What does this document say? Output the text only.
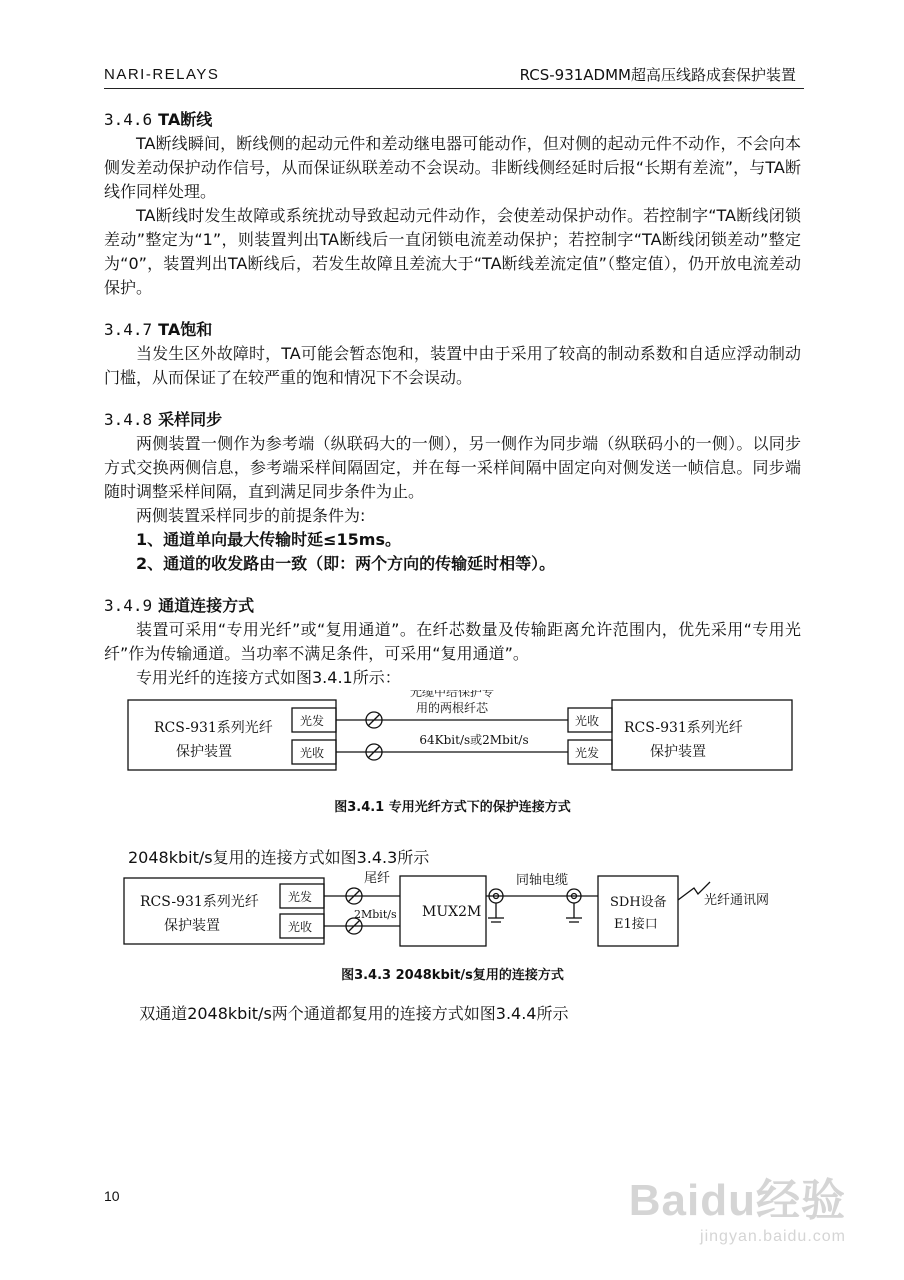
NARI-RELAYS	RCS-931ADMM超高压线路成套保护装置

3.4.6 TA断线

TA断线瞬间，断线侧的起动元件和差动继电器可能动作，但对侧的起动元件不动作，不会向本侧发差动保护动作信号，从而保证纵联差动不会误动。非断线侧经延时后报“长期有差流”，与TA断线作同样处理。

TA断线时发生故障或系统扰动导致起动元件动作，会使差动保护动作。若控制字“TA断线闭锁差动”整定为“1”，则装置判出TA断线后一直闭锁电流差动保护；若控制字“TA断线闭锁差动”整定为“0”，装置判出TA断线后，若发生故障且差流大于“TA断线差流定值”（整定值），仍开放电流差动保护。

3.4.7 TA饱和

当发生区外故障时，TA可能会暂态饱和，装置中由于采用了较高的制动系数和自适应浮动制动门槛，从而保证了在较严重的饱和情况下不会误动。

3.4.8 采样同步

两侧装置一侧作为参考端（纵联码大的一侧），另一侧作为同步端（纵联码小的一侧）。以同步方式交换两侧信息，参考端采样间隔固定，并在每一采样间隔中固定向对侧发送一帧信息。同步端随时调整采样间隔，直到满足同步条件为止。

两侧装置采样同步的前提条件为:

1、通道单向最大传输时延≤15ms。

2、通道的收发路由一致（即：两个方向的传输延时相等）。

3.4.9 通道连接方式

装置可采用“专用光纤”或“复用通道”。在纤芯数量及传输距离允许范围内，优先采用“专用光纤”作为传输通道。当功率不满足条件，可采用“复用通道”。

专用光纤的连接方式如图3.4.1所示：

RCS-931系列光纤
保护装置
光发
光收
光收
光发
RCS-931系列光纤
保护装置
光缆中给保护专
用的两根纤芯
64Kbit/s或2Mbit/s

图3.4.1 专用光纤方式下的保护连接方式

2048kbit/s复用的连接方式如图3.4.3所示

RCS-931系列光纤
保护装置
光发
光收
尾纤
2Mbit/s MUX2M
同轴电缆
SDH设备
E1接口
光纤通讯网

图3.4.3 2048kbit/s复用的连接方式

双通道2048kbit/s两个通道都复用的连接方式如图3.4.4所示

10	Baidu经验
jingyan.baidu.com
